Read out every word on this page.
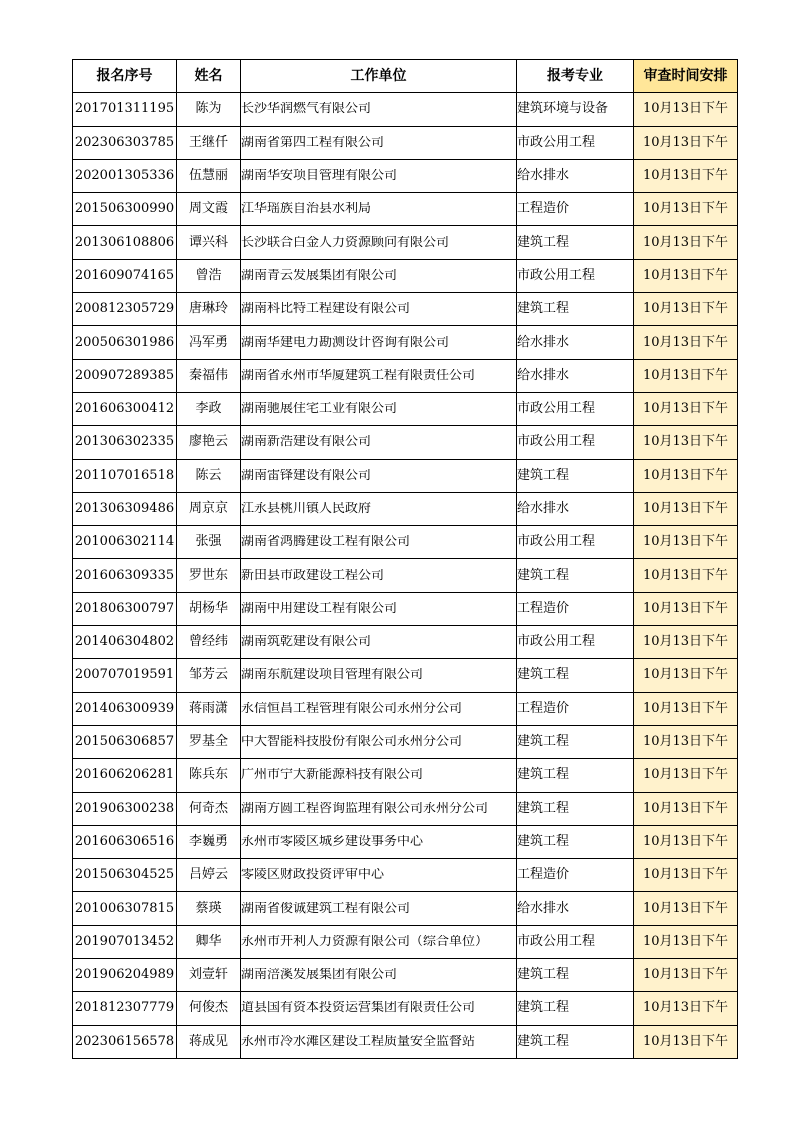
报名序号	姓名	工作单位	报考专业	审查时间安排
201701311195	陈为	长沙华润燃气有限公司	建筑环境与设备	10月13日下午
202306303785	王继仟	湖南省第四工程有限公司	市政公用工程	10月13日下午
202001305336	伍慧丽	湖南华安项目管理有限公司	给水排水	10月13日下午
201506300990	周文霞	江华瑶族自治县水利局	工程造价	10月13日下午
201306108806	谭兴科	长沙联合白金人力资源顾问有限公司	建筑工程	10月13日下午
201609074165	曾浩	湖南青云发展集团有限公司	市政公用工程	10月13日下午
200812305729	唐琳玲	湖南科比特工程建设有限公司	建筑工程	10月13日下午
200506301986	冯军勇	湖南华建电力勘测设计咨询有限公司	给水排水	10月13日下午
200907289385	秦福伟	湖南省永州市华厦建筑工程有限责任公司	给水排水	10月13日下午
201606300412	李政	湖南驰展住宅工业有限公司	市政公用工程	10月13日下午
201306302335	廖艳云	湖南新浩建设有限公司	市政公用工程	10月13日下午
201107016518	陈云	湖南雷锋建设有限公司	建筑工程	10月13日下午
201306309486	周京京	江永县桃川镇人民政府	给水排水	10月13日下午
201006302114	张强	湖南省鸿腾建设工程有限公司	市政公用工程	10月13日下午
201606309335	罗世东	新田县市政建设工程公司	建筑工程	10月13日下午
201806300797	胡杨华	湖南中用建设工程有限公司	工程造价	10月13日下午
201406304802	曾经纬	湖南筑乾建设有限公司	市政公用工程	10月13日下午
200707019591	邹芳云	湖南东航建设项目管理有限公司	建筑工程	10月13日下午
201406300939	蒋雨潇	永信恒昌工程管理有限公司永州分公司	工程造价	10月13日下午
201506306857	罗基全	中大智能科技股份有限公司永州分公司	建筑工程	10月13日下午
201606206281	陈兵东	广州市宁大新能源科技有限公司	建筑工程	10月13日下午
201906300238	何奇杰	湖南方圆工程咨询监理有限公司永州分公司	建筑工程	10月13日下午
201606306516	李巍勇	永州市零陵区城乡建设事务中心	建筑工程	10月13日下午
201506304525	吕婷云	零陵区财政投资评审中心	工程造价	10月13日下午
201006307815	蔡瑛	湖南省俊诚建筑工程有限公司	给水排水	10月13日下午
201907013452	卿华	永州市开利人力资源有限公司（综合单位）	市政公用工程	10月13日下午
201906204989	刘壹轩	湖南涪溪发展集团有限公司	建筑工程	10月13日下午
201812307779	何俊杰	道县国有资本投资运营集团有限责任公司	建筑工程	10月13日下午
202306156578	蒋成见	永州市冷水滩区建设工程质量安全监督站	建筑工程	10月13日下午
